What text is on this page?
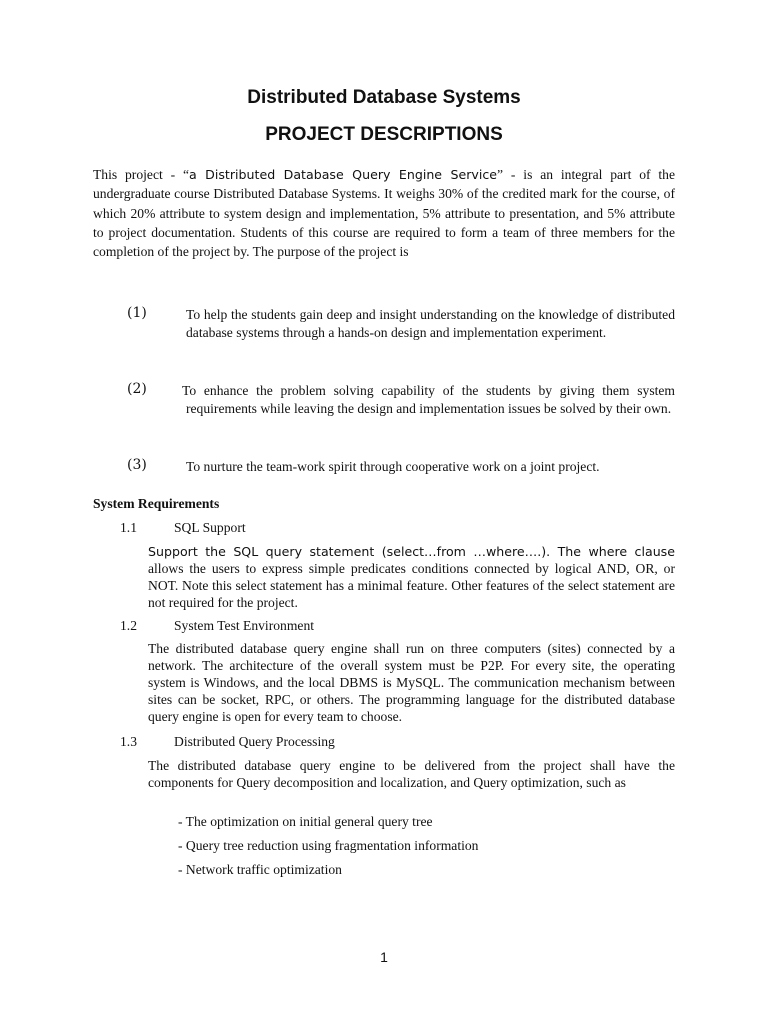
Distributed Database Systems
PROJECT DESCRIPTIONS

This project - “a Distributed Database Query Engine Service” - is an integral part of the undergraduate course Distributed Database Systems. It weighs 30% of the credited mark for the course, of which 20% attribute to system design and implementation, 5% attribute to presentation, and 5% attribute to project documentation. Students of this course are required to form a team of three members for the completion of the project by. The purpose of the project is

(1)	To help the students gain deep and insight understanding on the knowledge of distributed database systems through a hands-on design and implementation experiment.

(2)	To enhance the problem solving capability of the students by giving them system requirements while leaving the design and implementation issues be solved by their own.

(3)	To nurture the team-work spirit through cooperative work on a joint project.

System Requirements
1.1	SQL Support

Support the SQL query statement (select…from …where….). The where clause allows the users to express simple predicates conditions connected by logical AND, OR, or NOT. Note this select statement has a minimal feature. Other features of the select statement are not required for the project.

1.2	System Test Environment

The distributed database query engine shall run on three computers (sites) connected by a network. The architecture of the overall system must be P2P. For every site, the operating system is Windows, and the local DBMS is MySQL. The communication mechanism between sites can be socket, RPC, or others. The programming language for the distributed database query engine is open for every team to choose.

1.3	Distributed Query Processing

The distributed database query engine to be delivered from the project shall have the components for Query decomposition and localization, and Query optimization, such as

- The optimization on initial general query tree
- Query tree reduction using fragmentation information
- Network traffic optimization
1
